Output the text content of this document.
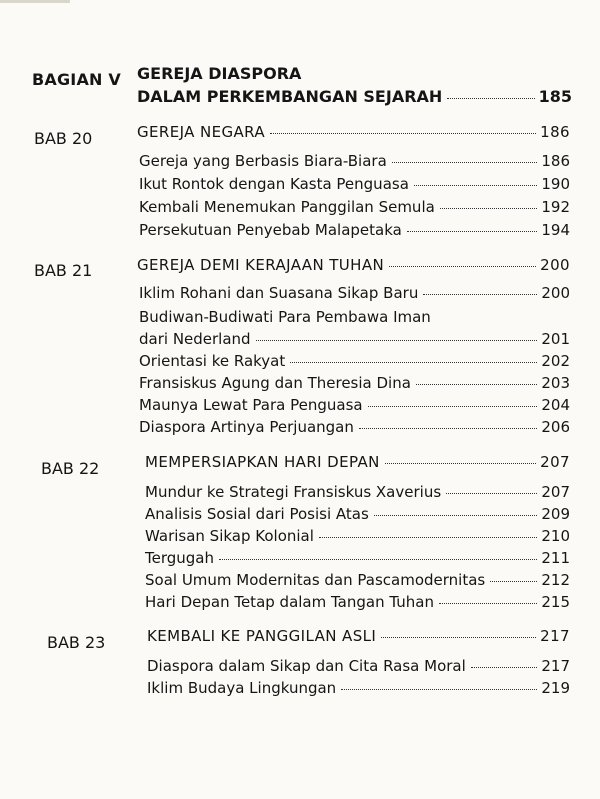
BAGIAN V GEREJA DIASPORA
DALAM PERKEMBANGAN SEJARAH	185
BAB 20	GEREJA NEGARA	186
Gereja yang Berbasis Biara-Biara	186
Ikut Rontok dengan Kasta Penguasa	190
Kembali Menemukan Panggilan Semula	192
Persekutuan Penyebab Malapetaka	194
BAB 21	GEREJA DEMI KERAJAAN TUHAN	200
Iklim Rohani dan Suasana Sikap Baru	200
Budiwan-Budiwati Para Pembawa Iman
dari Nederland	201
Orientasi ke Rakyat	202
Fransiskus Agung dan Theresia Dina	203
Maunya Lewat Para Penguasa	204
Diaspora Artinya Perjuangan	206
BAB 22	MEMPERSIAPKAN HARI DEPAN	207
Mundur ke Strategi Fransiskus Xaverius	207
Analisis Sosial dari Posisi Atas	209
Warisan Sikap Kolonial	210
Tergugah	211
Soal Umum Modernitas dan Pascamodernitas	212
Hari Depan Tetap dalam Tangan Tuhan	215
BAB 23	KEMBALI KE PANGGILAN ASLI	217
Diaspora dalam Sikap dan Cita Rasa Moral	217
Iklim Budaya Lingkungan	219
